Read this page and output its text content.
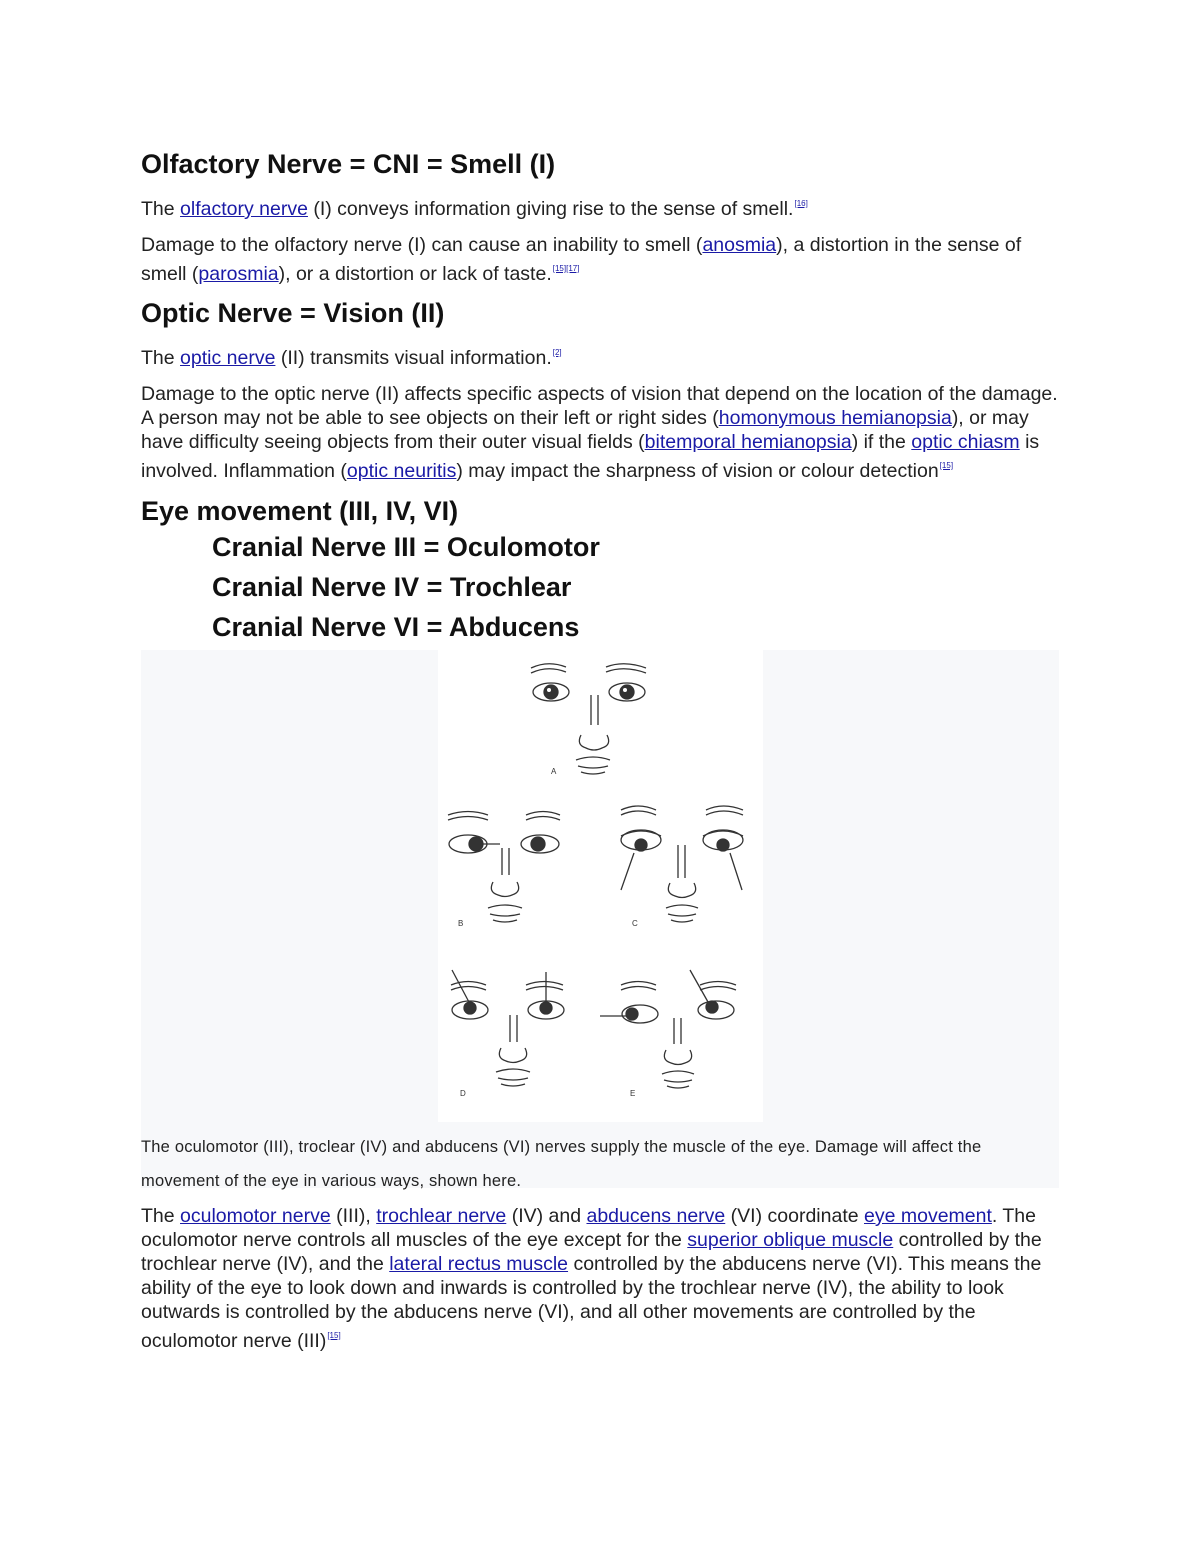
Olfactory Nerve = CNI = Smell (I)

The olfactory nerve (I) conveys information giving rise to the sense of smell.[16]

Damage to the olfactory nerve (I) can cause an inability to smell (anosmia), a distortion in the sense of smell (parosmia), or a distortion or lack of taste.[15][17]

Optic Nerve = Vision (II)

The optic nerve (II) transmits visual information.[2]

Damage to the optic nerve (II) affects specific aspects of vision that depend on the location of the damage. A person may not be able to see objects on their left or right sides (homonymous hemianopsia), or may have difficulty seeing objects from their outer visual fields (bitemporal hemianopsia) if the optic chiasm is involved. Inflammation (optic neuritis) may impact the sharpness of vision or colour detection[15]

Eye movement (III, IV, VI)
Cranial Nerve III = Oculomotor
Cranial Nerve IV = Trochlear
Cranial Nerve VI = Abducens
A
B	C
D	E
The oculomotor (III), troclear (IV) and abducens (VI) nerves supply the muscle of the eye. Damage will affect the movement of the eye in various ways, shown here.

The oculomotor nerve (III), trochlear nerve (IV) and abducens nerve (VI) coordinate eye movement. The oculomotor nerve controls all muscles of the eye except for the superior oblique muscle controlled by the trochlear nerve (IV), and the lateral rectus muscle controlled by the abducens nerve (VI). This means the ability of the eye to look down and inwards is controlled by the trochlear nerve (IV), the ability to look outwards is controlled by the abducens nerve (VI), and all other movements are controlled by the oculomotor nerve (III)[15]
